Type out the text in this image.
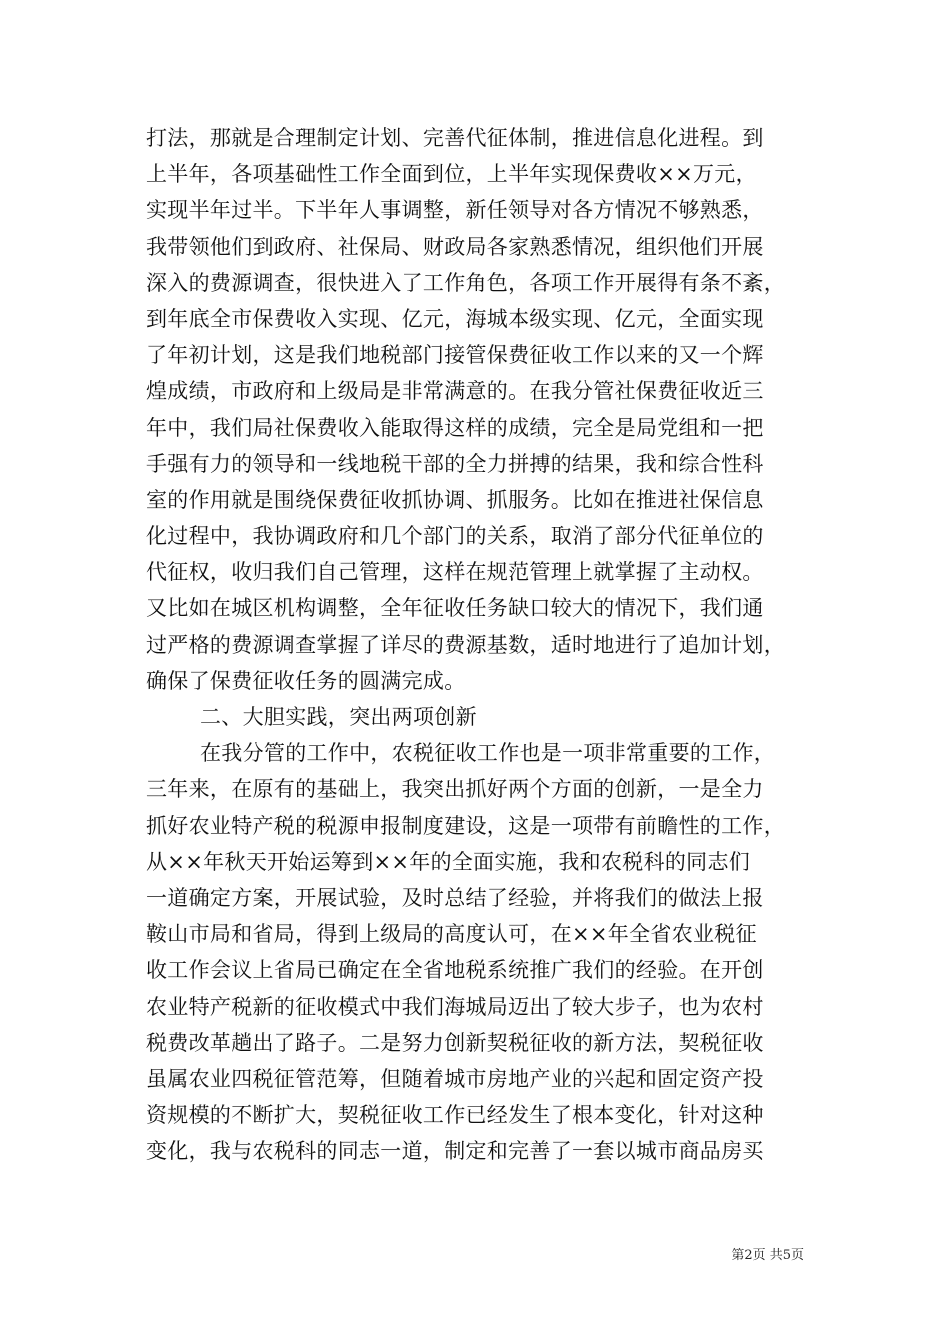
打法，那就是合理制定计划、完善代征体制，推进信息化进程。到
上半年，各项基础性工作全面到位，上半年实现保费收××万元，
实现半年过半。下半年人事调整，新任领导对各方情况不够熟悉，
我带领他们到政府、社保局、财政局各家熟悉情况，组织他们开展
深入的费源调查，很快进入了工作角色，各项工作开展得有条不紊，
到年底全市保费收入实现、亿元，海城本级实现、亿元，全面实现
了年初计划，这是我们地税部门接管保费征收工作以来的又一个辉
煌成绩，市政府和上级局是非常满意的。在我分管社保费征收近三
年中，我们局社保费收入能取得这样的成绩，完全是局党组和一把
手强有力的领导和一线地税干部的全力拼搏的结果，我和综合性科
室的作用就是围绕保费征收抓协调、抓服务。比如在推进社保信息
化过程中，我协调政府和几个部门的关系，取消了部分代征单位的
代征权，收归我们自己管理，这样在规范管理上就掌握了主动权。
又比如在城区机构调整，全年征收任务缺口较大的情况下，我们通
过严格的费源调查掌握了详尽的费源基数，适时地进行了追加计划，
确保了保费征收任务的圆满完成。
二、大胆实践，突出两项创新
在我分管的工作中，农税征收工作也是一项非常重要的工作，
三年来，在原有的基础上，我突出抓好两个方面的创新，一是全力
抓好农业特产税的税源申报制度建设，这是一项带有前瞻性的工作，
从××年秋天开始运筹到××年的全面实施，我和农税科的同志们
一道确定方案，开展试验，及时总结了经验，并将我们的做法上报
鞍山市局和省局，得到上级局的高度认可，在××年全省农业税征
收工作会议上省局已确定在全省地税系统推广我们的经验。在开创
农业特产税新的征收模式中我们海城局迈出了较大步子，也为农村
税费改革趟出了路子。二是努力创新契税征收的新方法，契税征收
虽属农业四税征管范筹，但随着城市房地产业的兴起和固定资产投
资规模的不断扩大，契税征收工作已经发生了根本变化，针对这种
变化，我与农税科的同志一道，制定和完善了一套以城市商品房买
第2页 共5页
